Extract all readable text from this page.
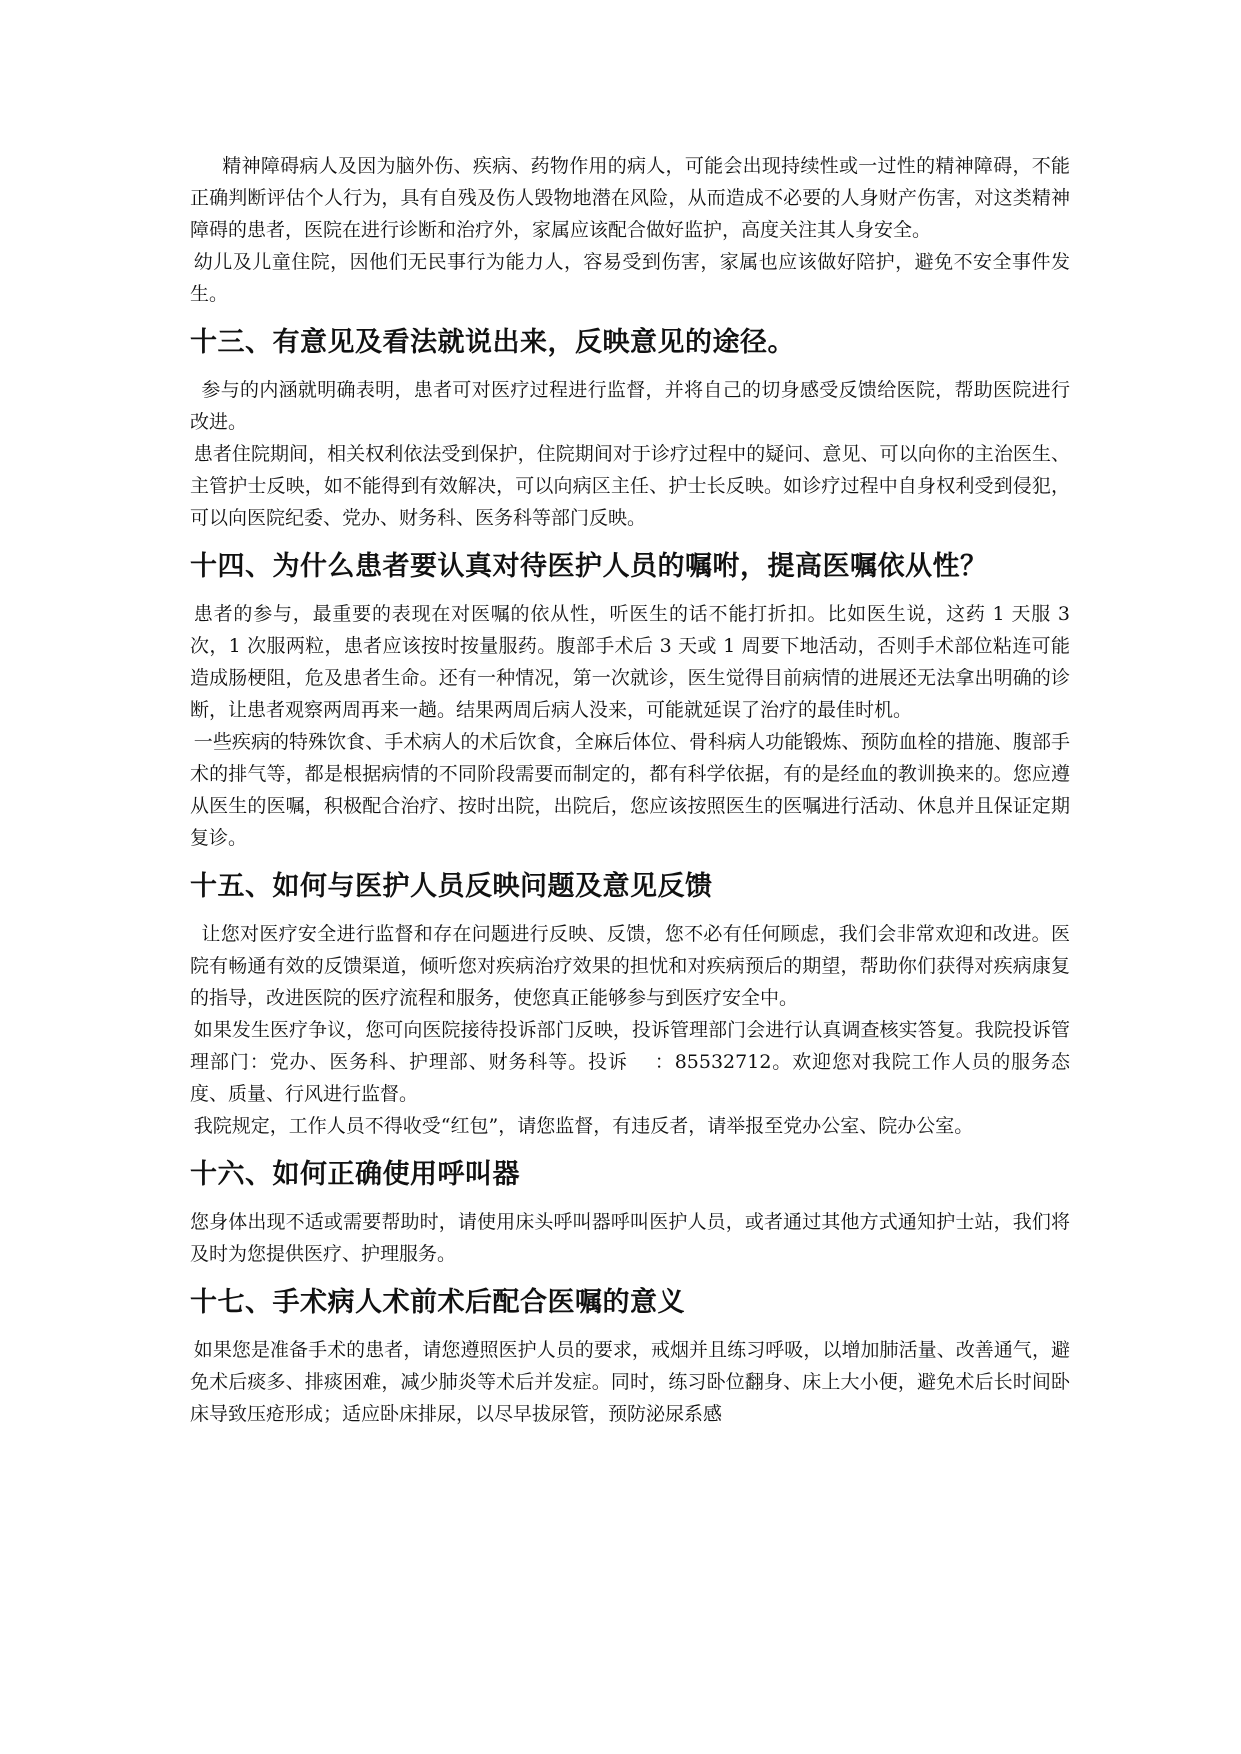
精神障碍病人及因为脑外伤、疾病、药物作用的病人，可能会出现持续性或一过性的精神障碍，不能正确判断评估个人行为，具有自残及伤人毁物地潜在风险，从而造成不必要的人身财产伤害，对这类精神障碍的患者，医院在进行诊断和治疗外，家属应该配合做好监护，高度关注其人身安全。

幼儿及儿童住院，因他们无民事行为能力人，容易受到伤害，家属也应该做好陪护，避免不安全事件发生。

十三、有意见及看法就说出来，反映意见的途径。

参与的内涵就明确表明，患者可对医疗过程进行监督，并将自己的切身感受反馈给医院，帮助医院进行改进。

患者住院期间，相关权利依法受到保护，住院期间对于诊疗过程中的疑问、意见、可以向你的主治医生、主管护士反映，如不能得到有效解决，可以向病区主任、护士长反映。如诊疗过程中自身权利受到侵犯，可以向医院纪委、党办、财务科、医务科等部门反映。

十四、为什么患者要认真对待医护人员的嘱咐，提高医嘱依从性？

患者的参与，最重要的表现在对医嘱的依从性，听医生的话不能打折扣。比如医生说，这药 1 天服 3 次，1 次服两粒，患者应该按时按量服药。腹部手术后 3 天或 1 周要下地活动，否则手术部位粘连可能造成肠梗阻，危及患者生命。还有一种情况，第一次就诊，医生觉得目前病情的进展还无法拿出明确的诊断，让患者观察两周再来一趟。结果两周后病人没来，可能就延误了治疗的最佳时机。

一些疾病的特殊饮食、手术病人的术后饮食，全麻后体位、骨科病人功能锻炼、预防血栓的措施、腹部手术的排气等，都是根据病情的不同阶段需要而制定的，都有科学依据，有的是经血的教训换来的。您应遵从医生的医嘱，积极配合治疗、按时出院，出院后，您应该按照医生的医嘱进行活动、休息并且保证定期复诊。

十五、如何与医护人员反映问题及意见反馈

让您对医疗安全进行监督和存在问题进行反映、反馈，您不必有任何顾虑，我们会非常欢迎和改进。医院有畅通有效的反馈渠道，倾听您对疾病治疗效果的担忧和对疾病预后的期望，帮助你们获得对疾病康复的指导，改进医院的医疗流程和服务，使您真正能够参与到医疗安全中。

如果发生医疗争议，您可向医院接待投诉部门反映，投诉管理部门会进行认真调查核实答复。我院投诉管理部门：党办、医务科、护理部、财务科等。投诉　 ：85532712。欢迎您对我院工作人员的服务态度、质量、行风进行监督。

我院规定，工作人员不得收受“红包”，请您监督，有违反者，请举报至党办公室、院办公室。

十六、如何正确使用呼叫器

您身体出现不适或需要帮助时，请使用床头呼叫器呼叫医护人员，或者通过其他方式通知护士站，我们将及时为您提供医疗、护理服务。

十七、手术病人术前术后配合医嘱的意义

如果您是准备手术的患者，请您遵照医护人员的要求，戒烟并且练习呼吸，以增加肺活量、改善通气，避免术后痰多、排痰困难，减少肺炎等术后并发症。同时，练习卧位翻身、床上大小便，避免术后长时间卧床导致压疮形成；适应卧床排尿，以尽早拔尿管，预防泌尿系感
